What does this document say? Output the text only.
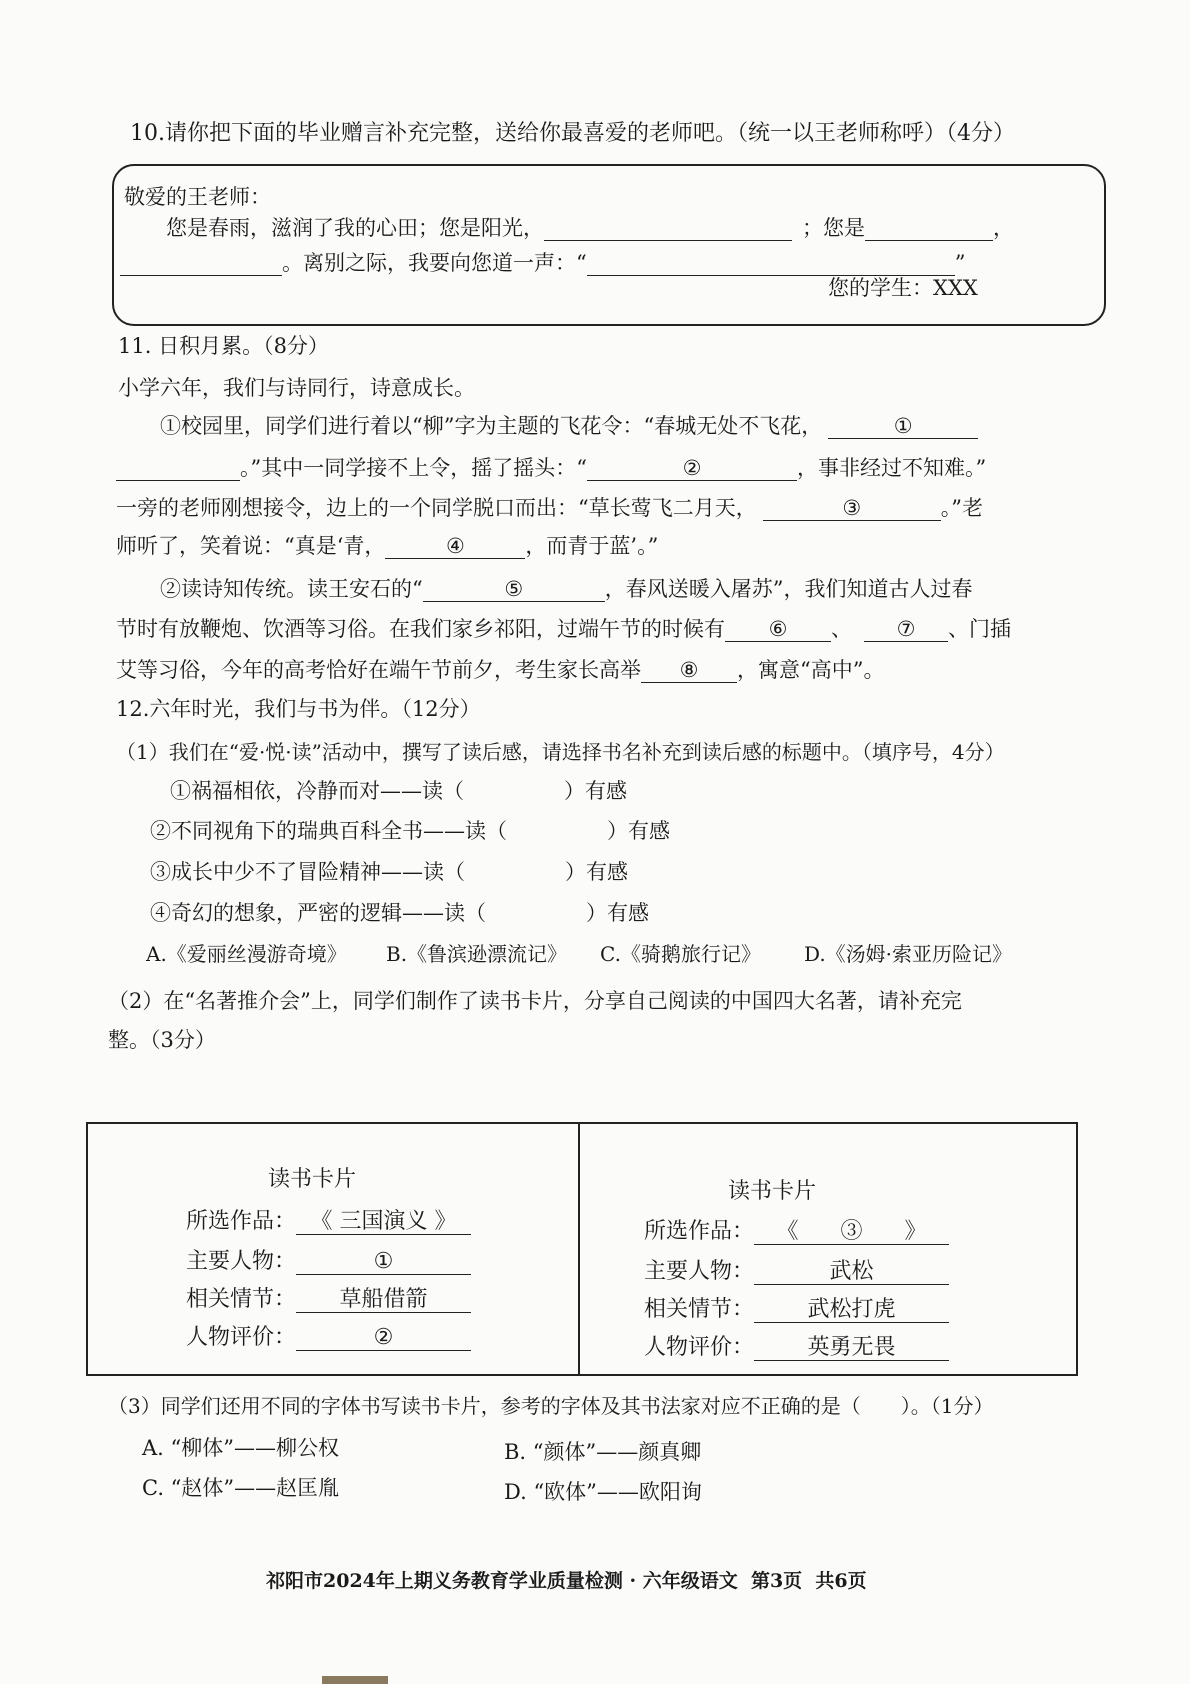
10.请你把下面的毕业赠言补充完整，送给你最喜爱的老师吧。（统一以王老师称呼）（4分）
敬爱的王老师：
您是春雨，滋润了我的心田；您是阳光，	；您是	，
。离别之际，我要向您道一声：“	”
您的学生：XXX
11. 日积月累。（8分）
小学六年，我们与诗同行，诗意成长。
①校园里，同学们进行着以“柳”字为主题的飞花令：“春城无处不飞花，	①
。”其中一同学接不上令，摇了摇头：“	②	，事非经过不知难。”
一旁的老师刚想接令，边上的一个同学脱口而出：“草长莺飞二月天，	③	。”老
师听了，笑着说：“真是‘青，	④	，而青于蓝’。”
②读诗知传统。读王安石的“	⑤	，春风送暖入屠苏”，我们知道古人过春
节时有放鞭炮、饮酒等习俗。在我们家乡祁阳，过端午节的时候有 ⑥ 、 ⑦ 、门插
艾等习俗，今年的高考恰好在端午节前夕，考生家长高举 ⑧ ，寓意“高中”。
12.六年时光，我们与书为伴。（12分）
（1）我们在“爱·悦·读”活动中，撰写了读后感，请选择书名补充到读后感的标题中。（填序号，4分）
①祸福相依，冷静而对——读（	）有感
②不同视角下的瑞典百科全书——读（	）有感
③成长中少不了冒险精神——读（	）有感
④奇幻的想象，严密的逻辑——读（	）有感
A.《爱丽丝漫游奇境》 B.《鲁滨逊漂流记》 C.《骑鹅旅行记》 D.《汤姆·索亚历险记》
（2）在“名著推介会”上，同学们制作了读书卡片，分享自己阅读的中国四大名著，请补充完
整。（3分）
读书卡片
所选作品： 《 三国演义 》
主要人物：	①
相关情节： 草船借箭
人物评价：	②
读书卡片
所选作品： 《      ③      》
主要人物：	武松
相关情节： 武松打虎
人物评价： 英勇无畏
（3）同学们还用不同的字体书写读书卡片，参考的字体及其书法家对应不正确的是（　　）。（1分）
A. “柳体”——柳公权	B. “颜体”——颜真卿
C. “赵体”——赵匡胤	D. “欧体”——欧阳询
祁阳市2024年上期义务教育学业质量检测 · 六年级语文  第3页  共6页
